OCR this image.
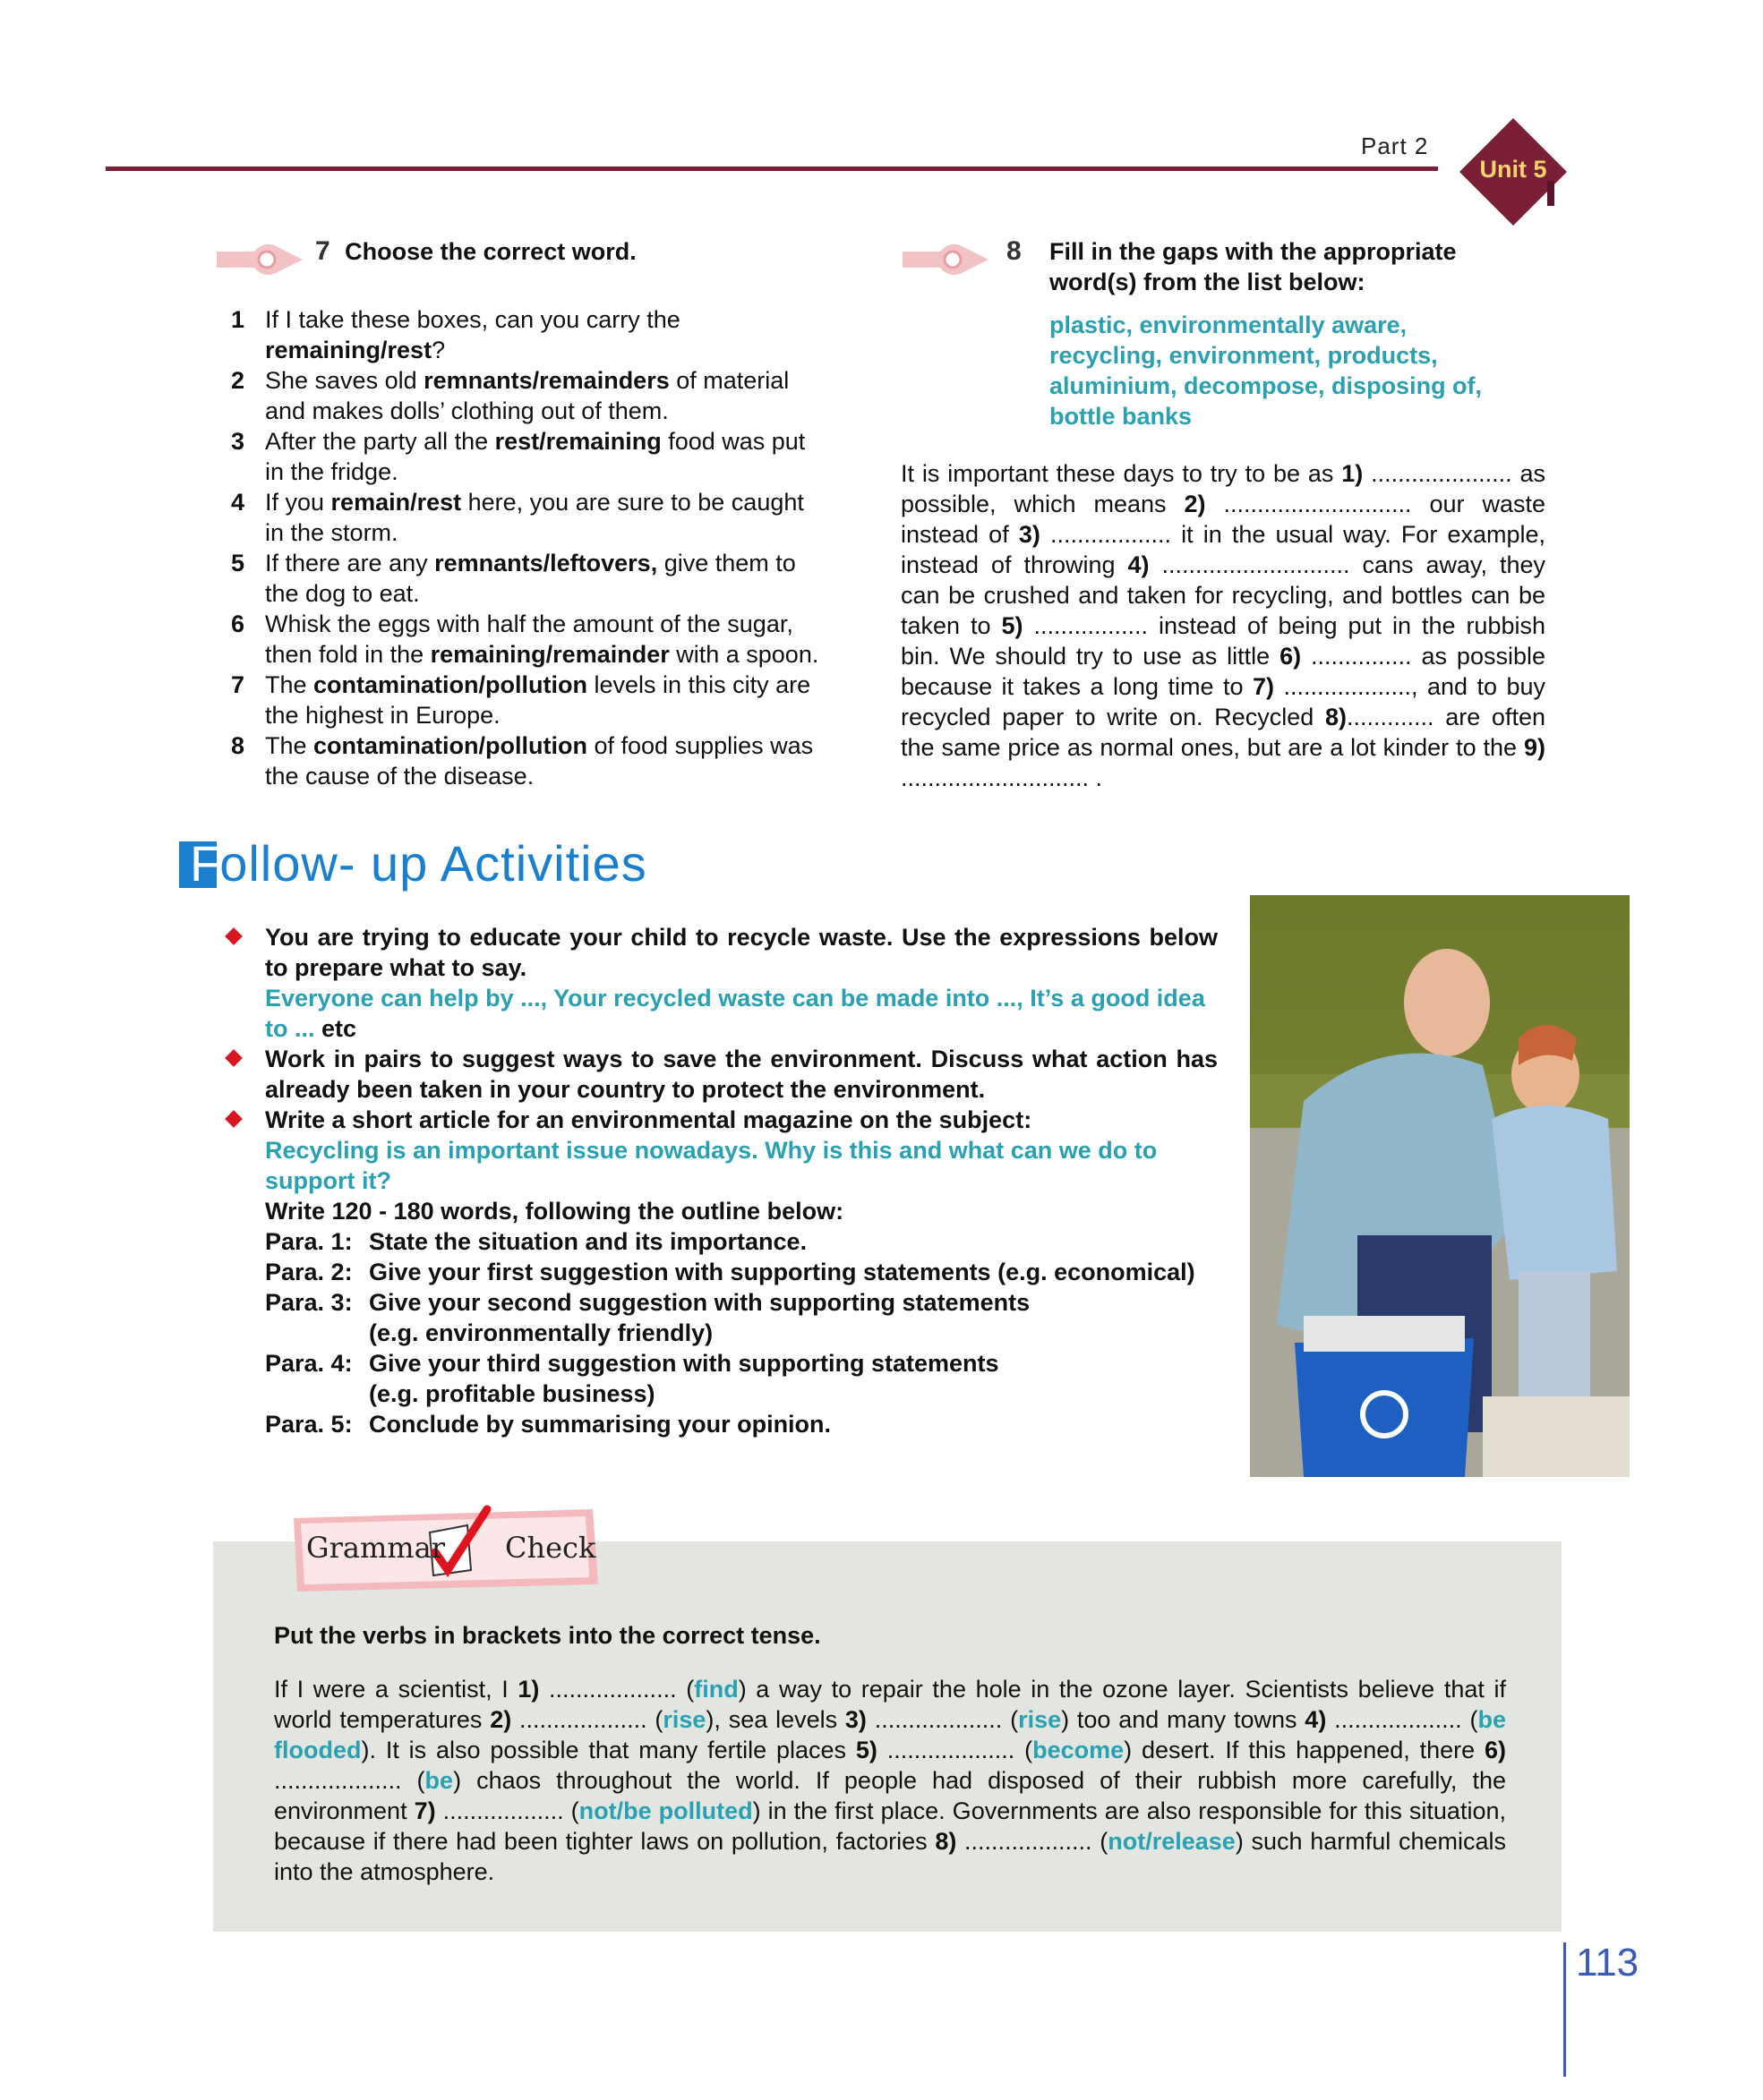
Part 2
Unit 5
7 Choose the correct word.
1 If I take these boxes, can you carry the
remaining/rest?
2 She saves old remnants/remainders of material
and makes dolls’ clothing out of them.
3 After the party all the rest/remaining food was put
in the fridge.
4 If you remain/rest here, you are sure to be caught
in the storm.
5 If there are any remnants/leftovers, give them to
the dog to eat.
6 Whisk the eggs with half the amount of the sugar,
then fold in the remaining/remainder with a spoon.
7 The contamination/pollution levels in this city are
the highest in Europe.
8 The contamination/pollution of food supplies was
the cause of the disease.
8 Fill in the gaps with the appropriate
word(s) from the list below:
plastic, environmentally aware,
recycling, environment, products,
aluminium, decompose, disposing of,
bottle banks
It is important these days to try to be as 1) ..................... as possible, which means 2) ............................ our waste instead of 3) .................. it in the usual way. For example, instead of throwing 4) ............................ cans away, they can be crushed and taken for recycling, and bottles can be taken to 5) ................. instead of being put in the rubbish bin. We should try to use as little 6) ............... as possible because it takes a long time to 7) ..................., and to buy recycled paper to write on. Recycled 8)............. are often the same price as normal ones, but are a lot kinder to the 9) ............................ .
Follow- up Activities
You are trying to educate your child to recycle waste. Use the expressions below to prepare what to say.
Everyone can help by ..., Your recycled waste can be made into ..., It’s a good idea to ... etc
Work in pairs to suggest ways to save the environment. Discuss what action has already been taken in your country to protect the environment.
Write a short article for an environmental magazine on the subject:
Recycling is an important issue nowadays. Why is this and what can we do to support it?
Write 120 - 180 words, following the outline below:
Para. 1: State the situation and its importance.
Para. 2: Give your first suggestion with supporting statements (e.g. economical)
Para. 3: Give your second suggestion with supporting statements
(e.g. environmentally friendly)
Para. 4: Give your third suggestion with supporting statements
(e.g. profitable business)
Para. 5: Conclude by summarising your opinion.
Grammar Check
Put the verbs in brackets into the correct tense.
If I were a scientist, I 1) ................... (find) a way to repair the hole in the ozone layer. Scientists believe that if world temperatures 2) ................... (rise), sea levels 3) ................... (rise) too and many towns 4) ................... (be flooded). It is also possible that many fertile places 5) ................... (become) desert. If this happened, there 6) ................... (be) chaos throughout the world. If people had disposed of their rubbish more carefully, the environment 7) .................. (not/be polluted) in the first place. Governments are also responsible for this situation, because if there had been tighter laws on pollution, factories 8) ................... (not/release) such harmful chemicals into the atmosphere.
113
